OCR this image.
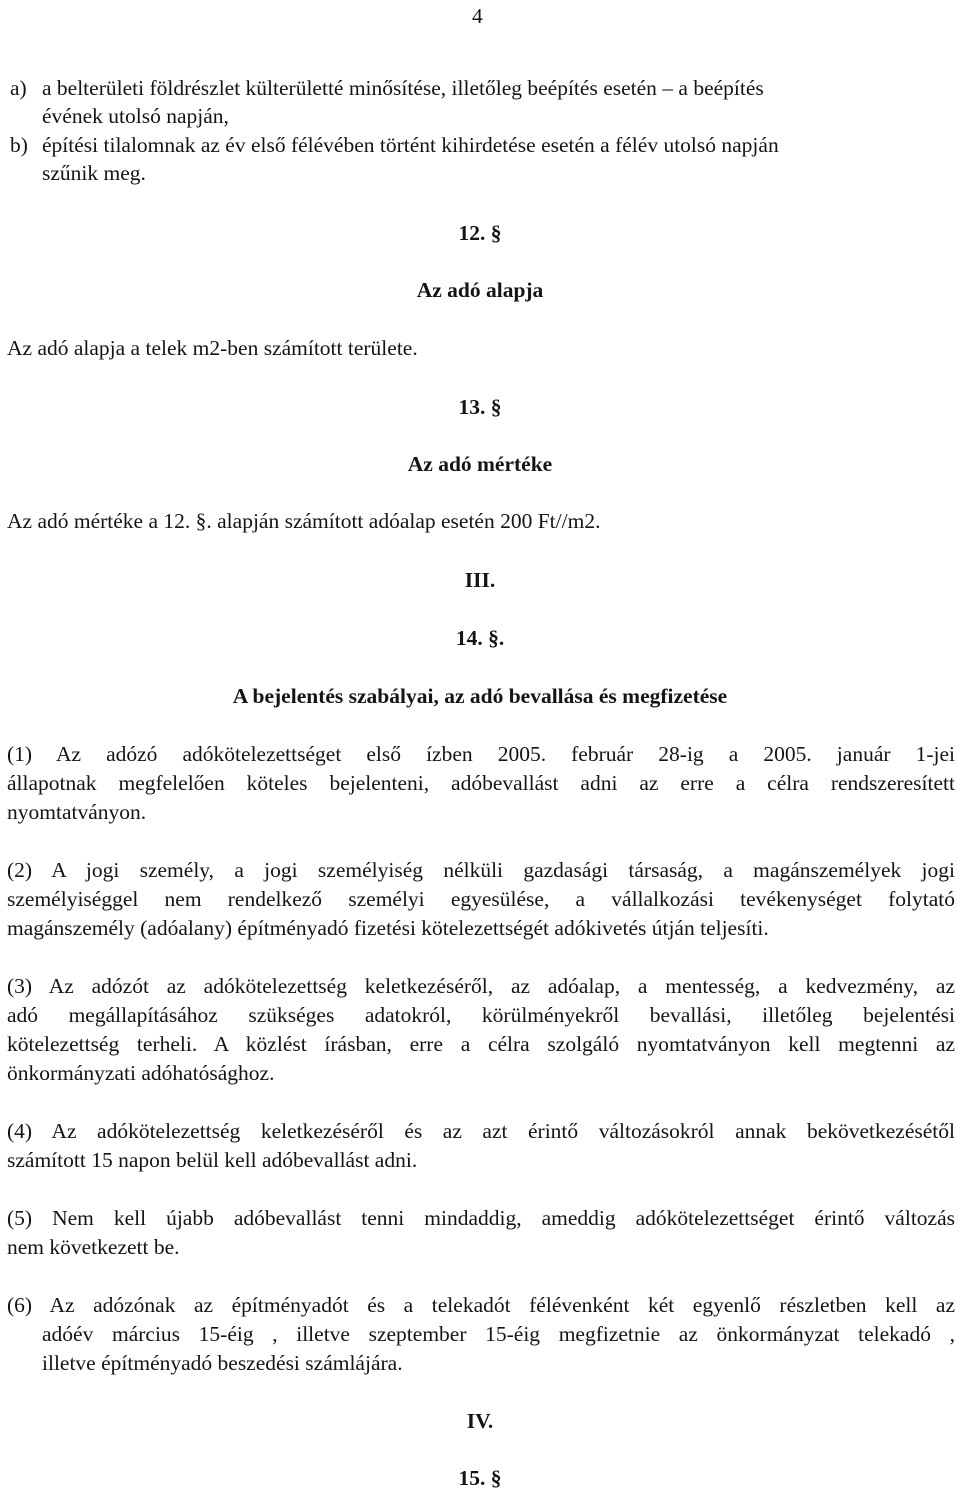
4
a) a belterületi földrészlet külterületté minősítése, illetőleg beépítés esetén – a beépítés
évének utolsó napján,
b) építési tilalomnak az év első félévében történt kihirdetése esetén a félév utolsó napján
szűnik meg.
12. §
Az adó alapja
Az adó alapja a telek m2-ben számított területe.
13. §
Az adó mértéke
Az adó mértéke a 12. §. alapján számított adóalap esetén 200 Ft//m2.
III.
14. §.
A bejelentés szabályai, az adó bevallása és megfizetése
(1) Az adózó adókötelezettséget első ízben 2005. február 28-ig a 2005. január 1-jei
állapotnak megfelelően köteles bejelenteni, adóbevallást adni az erre a célra rendszeresített
nyomtatványon.
(2) A jogi személy, a jogi személyiség nélküli gazdasági társaság, a magánszemélyek jogi
személyiséggel nem rendelkező személyi egyesülése, a vállalkozási tevékenységet folytató
magánszemély (adóalany) építményadó fizetési kötelezettségét adókivetés útján teljesíti.
(3) Az adózót az adókötelezettség keletkezéséről, az adóalap, a mentesség, a kedvezmény, az
adó megállapításához szükséges adatokról, körülményekről bevallási, illetőleg bejelentési
kötelezettség terheli. A közlést írásban, erre a célra szolgáló nyomtatványon kell megtenni az
önkormányzati adóhatósághoz.
(4) Az adókötelezettség keletkezéséről és az azt érintő változásokról annak bekövetkezésétől
számított 15 napon belül kell adóbevallást adni.
(5) Nem kell újabb adóbevallást tenni mindaddig, ameddig adókötelezettséget érintő változás
nem következett be.
(6) Az adózónak az építményadót és a telekadót félévenként két egyenlő részletben kell az
adóév március 15-éig , illetve szeptember 15-éig megfizetnie az önkormányzat telekadó ,
illetve építményadó beszedési számlájára.
IV.
15. §
